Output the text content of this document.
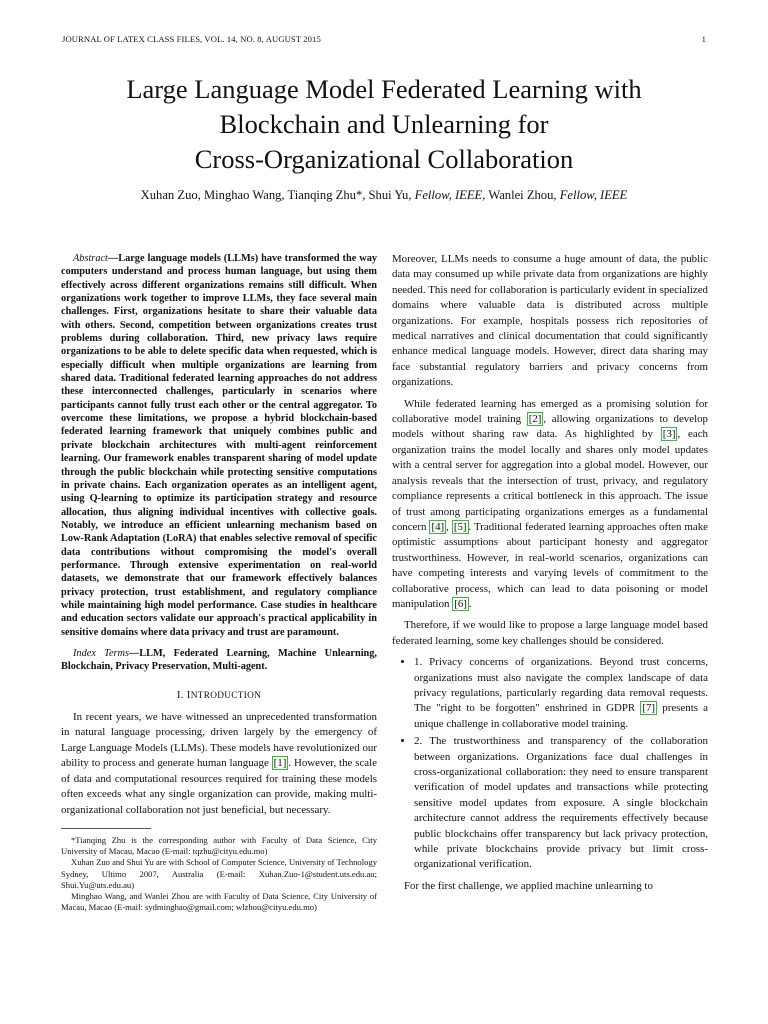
JOURNAL OF LATEX CLASS FILES, VOL. 14, NO. 8, AUGUST 2015	1
Large Language Model Federated Learning with
Blockchain and Unlearning for
Cross-Organizational Collaboration
Xuhan Zuo, Minghao Wang, Tianqing Zhu*, Shui Yu, Fellow, IEEE, Wanlei Zhou, Fellow, IEEE

Abstract—Large language models (LLMs) have transformed the way computers understand and process human language, but using them effectively across different organizations remains still difficult. When organizations work together to improve LLMs, they face several main challenges. First, organizations hesitate to share their valuable data with others. Second, competition between organizations creates trust problems during collaboration. Third, new privacy laws require organizations to be able to delete specific data when requested, which is especially difficult when multiple organizations are learning from shared data. Traditional federated learning approaches do not address these interconnected challenges, particularly in scenarios where participants cannot fully trust each other or the central aggregator. To overcome these limitations, we propose a hybrid blockchain-based federated learning framework that uniquely combines public and private blockchain architectures with multi-agent reinforcement learning. Our framework enables transparent sharing of model update through the public blockchain while protecting sensitive computations in private chains. Each organization operates as an intelligent agent, using Q-learning to optimize its participation strategy and resource allocation, thus aligning individual incentives with collective goals. Notably, we introduce an efficient unlearning mechanism based on Low-Rank Adaptation (LoRA) that enables selective removal of specific data contributions without compromising the model's overall performance. Through extensive experimentation on real-world datasets, we demonstrate that our framework effectively balances privacy protection, trust establishment, and regulatory compliance while maintaining high model performance. Case studies in healthcare and education sectors validate our approach's practical applicability in sensitive domains where data privacy and trust are paramount.

Index Terms—LLM, Federated Learning, Machine Unlearning, Blockchain, Privacy Preservation, Multi-agent.

I. INTRODUCTION

In recent years, we have witnessed an unprecedented transformation in natural language processing, driven largely by the emergency of Large Language Models (LLMs). These models have revolutionized our ability to process and generate human language [1] . However, the scale of data and computational resources required for training these models often exceeds what any single organization can provide, making multi-organizational collaboration not just beneficial, but necessary.

*Tianqing Zhu is the corresponding author with Faculty of Data Science, City University of Macau, Macao (E-mail: tqzhu@cityu.edu.mo)

Xuhan Zuo and Shui Yu are with School of Computer Science, University of Technology Sydney, Ultimo 2007, Australia (E-mail: Xuhan.Zuo-1@student.uts.edu.au; Shui.Yu@uts.edu.au)

Minghao Wang, and Wanlei Zhou are with Faculty of Data Science, City University of Macau, Macao (E-mail: sydminghao@gmail.com; wlzhou@cityu.edu.mo)

Moreover, LLMs needs to consume a huge amount of data, the public data may consumed up while private data from organizations are highly needed. This need for collaboration is particularly evident in specialized domains where valuable data is distributed across multiple organizations. For example, hospitals possess rich repositories of medical narratives and clinical documentation that could significantly enhance medical language models. However, direct data sharing may face substantial regulatory barriers and privacy concerns from organizations.

While federated learning has emerged as a promising solution for collaborative model training [2] , allowing organizations to develop models without sharing raw data. As highlighted by [3] , each organization trains the model locally and shares only model updates with a central server for aggregation into a global model. However, our analysis reveals that the intersection of trust, privacy, and regulatory compliance represents a critical bottleneck in this approach. The issue of trust among participating organizations emerges as a fundamental concern [4] , [5] . Traditional federated learning approaches often make optimistic assumptions about participant honesty and aggregator trustworthiness. However, in real-world scenarios, organizations can have competing interests and varying levels of commitment to the collaborative process, which can lead to data poisoning or model manipulation [6] .

Therefore, if we would like to propose a large language model based federated learning, some key challenges should be considered.

• 1. Privacy concerns of organizations. Beyond trust concerns, organizations must also navigate the complex landscape of data privacy regulations, particularly regarding data removal requests. The "right to be forgotten" enshrined in GDPR [7] presents a unique challenge in collaborative model training.
• 2. The trustworthiness and transparency of the collaboration between organizations. Organizations face dual challenges in cross-organizational collaboration: they need to ensure transparent verification of model updates and transactions while protecting sensitive model updates from exposure. A single blockchain architecture cannot address the requirements effectively because public blockchains offer transparency but lack privacy protection, while private blockchains provide privacy but limit cross-organizational verification.

For the first challenge, we applied machine unlearning to
